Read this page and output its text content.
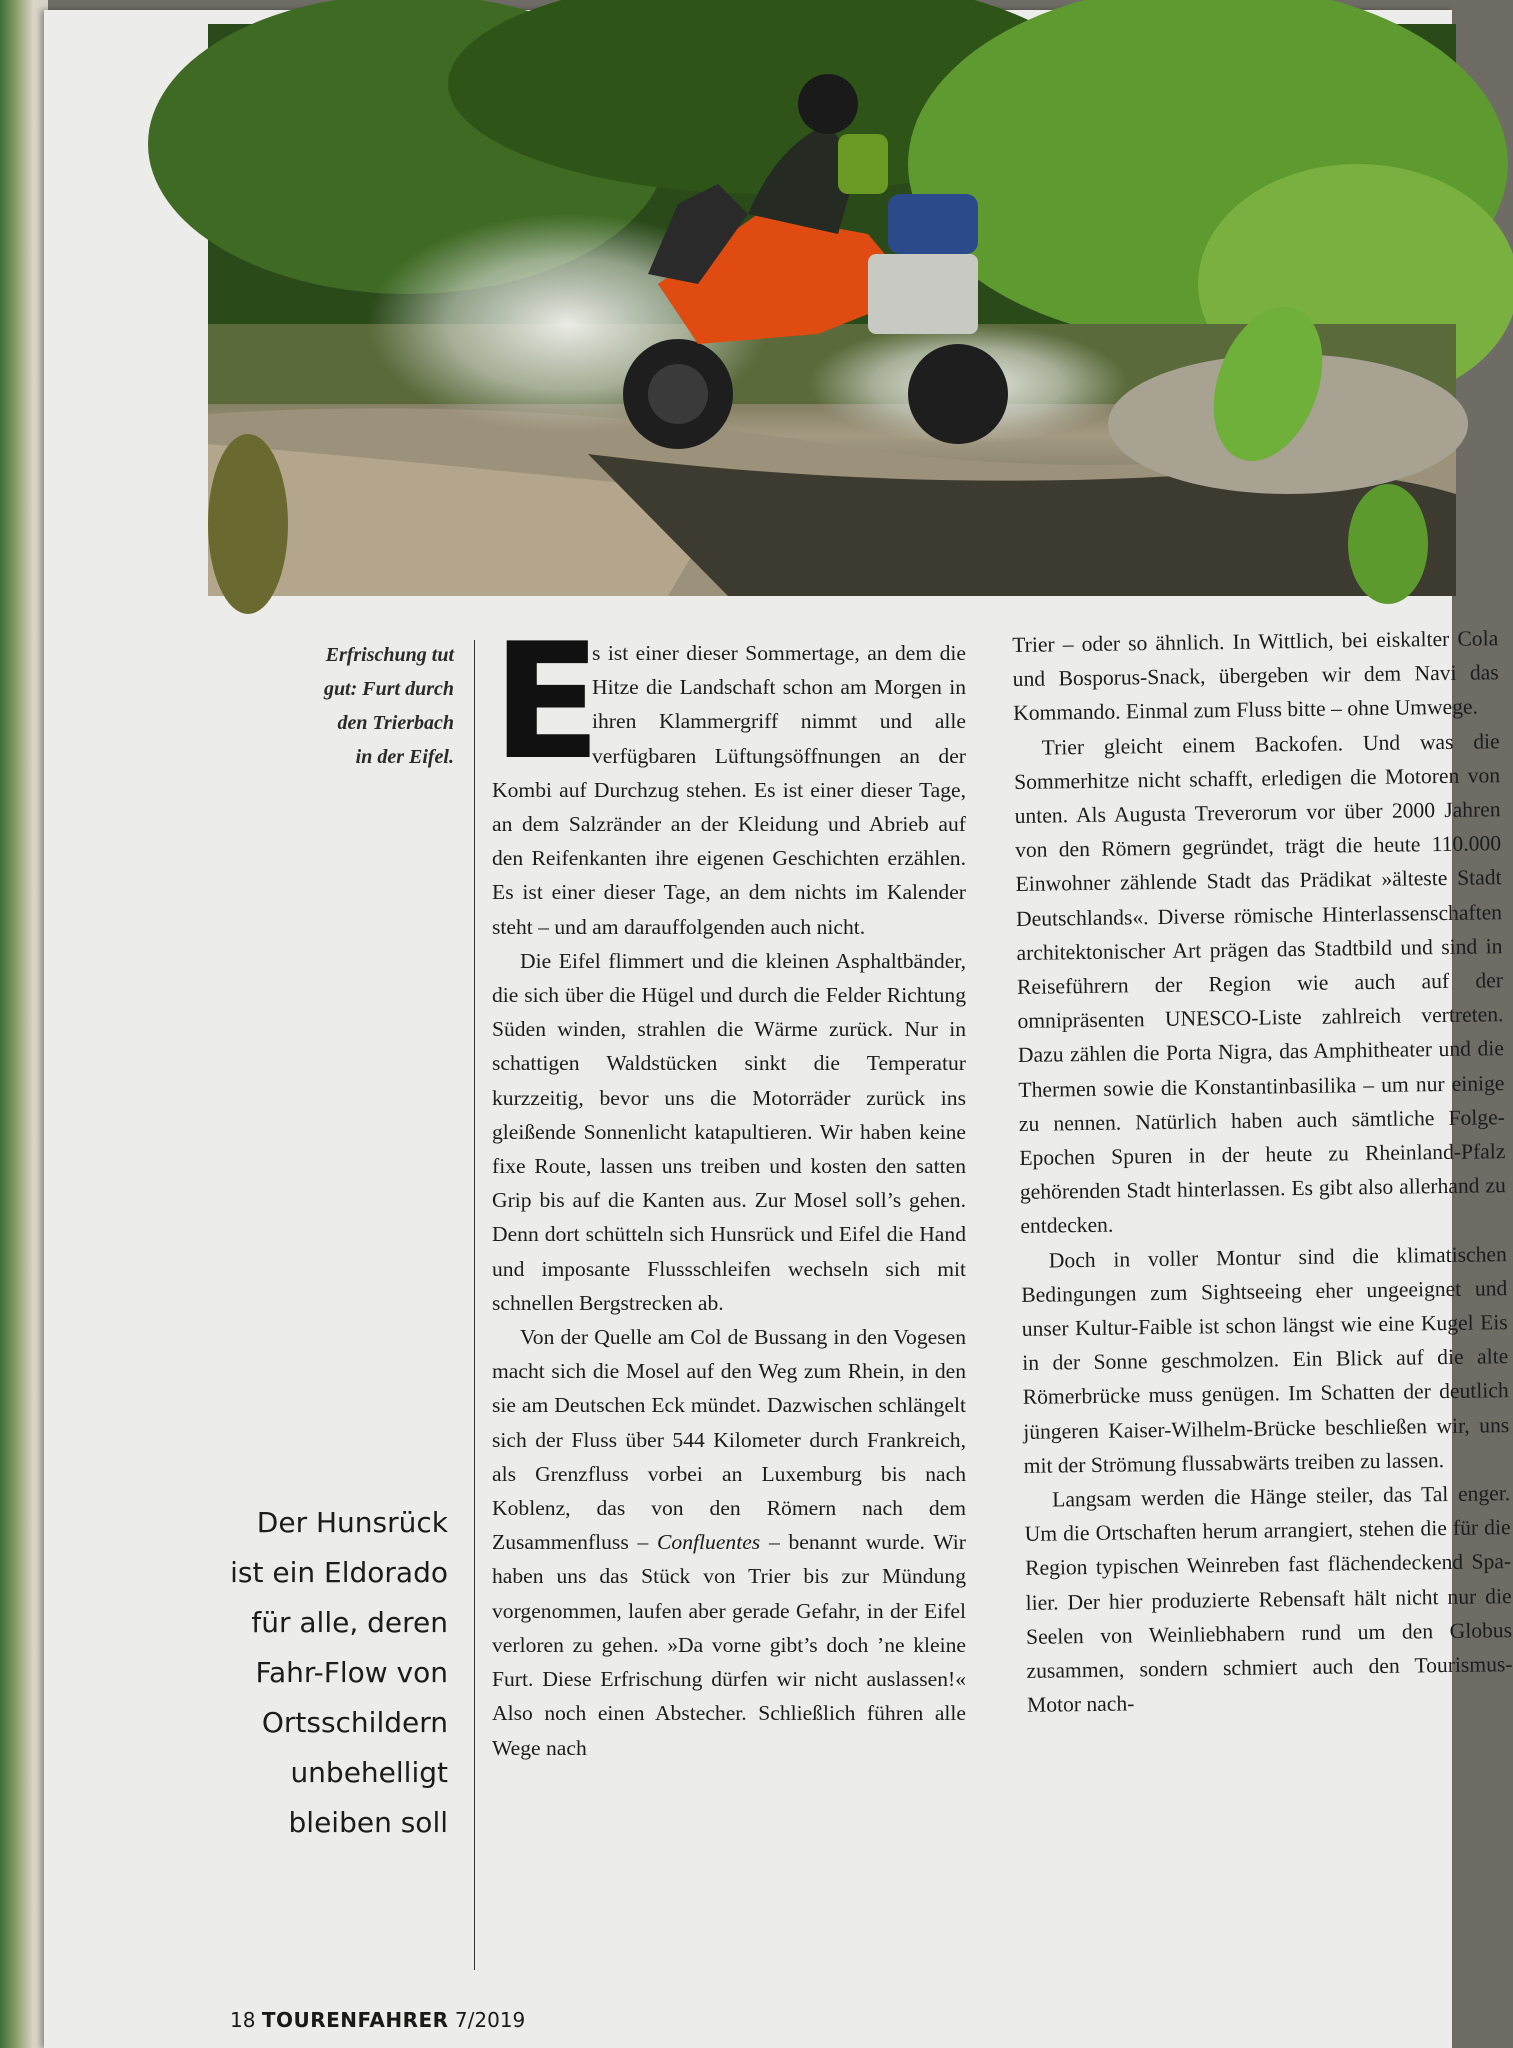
Erfrischung tut
gut: Furt durch
den Trierbach
in der Eifel.
Der Hunsrück
ist ein Eldorado
für alle, deren
Fahr-Flow von
Ortsschildern
unbehelligt
bleiben soll

E
s ist einer dieser Sommertage, an dem die Hitze die Landschaft schon am Morgen in ihren Klammergriff nimmt und alle verfügbaren Lüftungsöffnungen an der Kombi auf Durchzug stehen. Es ist einer dieser Tage, an dem Salzränder an der Kleidung und Abrieb auf den Reifenkanten ihre eigenen Geschichten erzählen. Es ist einer dieser Tage, an dem nichts im Kalender steht – und am darauffolgenden auch nicht.

Die Eifel flimmert und die kleinen Asphaltbänder, die sich über die Hügel und durch die Felder Richtung Süden winden, strahlen die Wärme zurück. Nur in schattigen Waldstücken sinkt die Temperatur kurzzeitig, bevor uns die Motorräder zurück ins gleißende Sonnenlicht katapultieren. Wir haben keine fixe Route, lassen uns treiben und kosten den satten Grip bis auf die Kanten aus. Zur Mosel soll’s gehen. Denn dort schütteln sich Hunsrück und Eifel die Hand und imposante Flussschleifen wechseln sich mit schnellen Bergstrecken ab.

Von der Quelle am Col de Bussang in den Vogesen macht sich die Mosel auf den Weg zum Rhein, in den sie am Deutschen Eck mündet. Dazwischen schlängelt sich der Fluss über 544 Kilometer durch Frankreich, als Grenzfluss vorbei an Luxemburg bis nach Koblenz, das von den Römern nach dem Zusammenfluss – Confluentes – benannt wurde. Wir haben uns das Stück von Trier bis zur Mündung vorgenommen, laufen aber gerade Gefahr, in der Eifel verloren zu gehen. »Da vorne gibt’s doch ’ne kleine Furt. Diese Erfrischung dürfen wir nicht auslassen!« Also noch einen Abstecher. Schließlich führen alle Wege nach

Trier – oder so ähnlich. In Wittlich, bei eiskalter Cola und Bosporus-Snack, übergeben wir dem Navi das Kommando. Einmal zum Fluss bitte – ohne Umwege.

Trier gleicht einem Backofen. Und was die Sommerhitze nicht schafft, erledigen die Motoren von unten. Als Augusta Treverorum vor über 2000 Jahren von den Römern gegründet, trägt die heute 110.000 Einwohner zählende Stadt das Prädikat »älteste Stadt Deutschlands«. Diverse römische Hinterlassenschaften architektonischer Art prägen das Stadtbild und sind in Reiseführern der Region wie auch auf der omnipräsenten UNESCO-Liste zahlreich vertreten. Dazu zählen die Porta Nigra, das Amphitheater und die Thermen sowie die Konstantinbasilika – um nur einige zu nennen. Natürlich haben auch sämtliche Folge-Epochen Spuren in der heute zu Rheinland-Pfalz gehörenden Stadt hinterlassen. Es gibt also allerhand zu entdecken.

Doch in voller Montur sind die klimatischen Bedingungen zum Sightseeing eher ungeeignet und unser Kultur-Faible ist schon längst wie eine Kugel Eis in der Sonne geschmolzen. Ein Blick auf die alte Römerbrücke muss genügen. Im Schatten der deutlich jüngeren Kaiser-Wilhelm-Brücke beschließen wir, uns mit der Strömung flussabwärts treiben zu lassen.

Langsam werden die Hänge steiler, das Tal enger. Um die Ortschaften herum arrangiert, stehen die für die Region typischen Weinreben fast flächendeckend Spalier. Der hier produzierte Rebensaft hält nicht nur die Seelen von Weinliebhabern rund um den Globus zusammen, sondern schmiert auch den Tourismus-Motor nach-

18 TOURENFAHRER 7/2019
